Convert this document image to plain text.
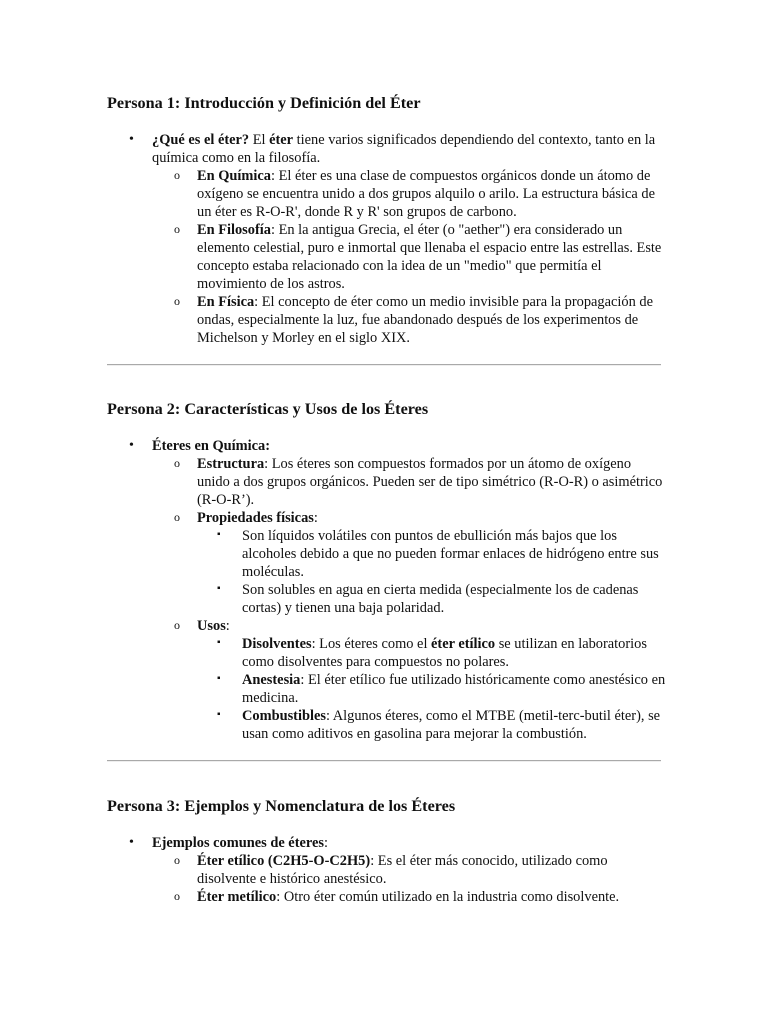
Persona 1: Introducción y Definición del Éter
• ¿Qué es el éter? El éter tiene varios significados dependiendo del contexto, tanto en la química como en la filosofía.
o En Química: El éter es una clase de compuestos orgánicos donde un átomo de oxígeno se encuentra unido a dos grupos alquilo o arilo. La estructura básica de un éter es R-O-R', donde R y R' son grupos de carbono.
o En Filosofía: En la antigua Grecia, el éter (o "aether") era considerado un elemento celestial, puro e inmortal que llenaba el espacio entre las estrellas. Este concepto estaba relacionado con la idea de un "medio" que permitía el movimiento de los astros.
o En Física: El concepto de éter como un medio invisible para la propagación de ondas, especialmente la luz, fue abandonado después de los experimentos de Michelson y Morley en el siglo XIX.
Persona 2: Características y Usos de los Éteres
• Éteres en Química:
o Estructura: Los éteres son compuestos formados por un átomo de oxígeno unido a dos grupos orgánicos. Pueden ser de tipo simétrico (R-O-R) o asimétrico (R-O-R’).
o Propiedades físicas:
▪ Son líquidos volátiles con puntos de ebullición más bajos que los alcoholes debido a que no pueden formar enlaces de hidrógeno entre sus moléculas.
▪ Son solubles en agua en cierta medida (especialmente los de cadenas cortas) y tienen una baja polaridad.
o Usos:
▪ Disolventes: Los éteres como el éter etílico se utilizan en laboratorios como disolventes para compuestos no polares.
▪ Anestesia: El éter etílico fue utilizado históricamente como anestésico en medicina.
▪ Combustibles: Algunos éteres, como el MTBE (metil-terc-butil éter), se usan como aditivos en gasolina para mejorar la combustión.
Persona 3: Ejemplos y Nomenclatura de los Éteres
• Ejemplos comunes de éteres:
o Éter etílico (C2H5-O-C2H5): Es el éter más conocido, utilizado como disolvente e histórico anestésico.
o Éter metílico: Otro éter común utilizado en la industria como disolvente.
